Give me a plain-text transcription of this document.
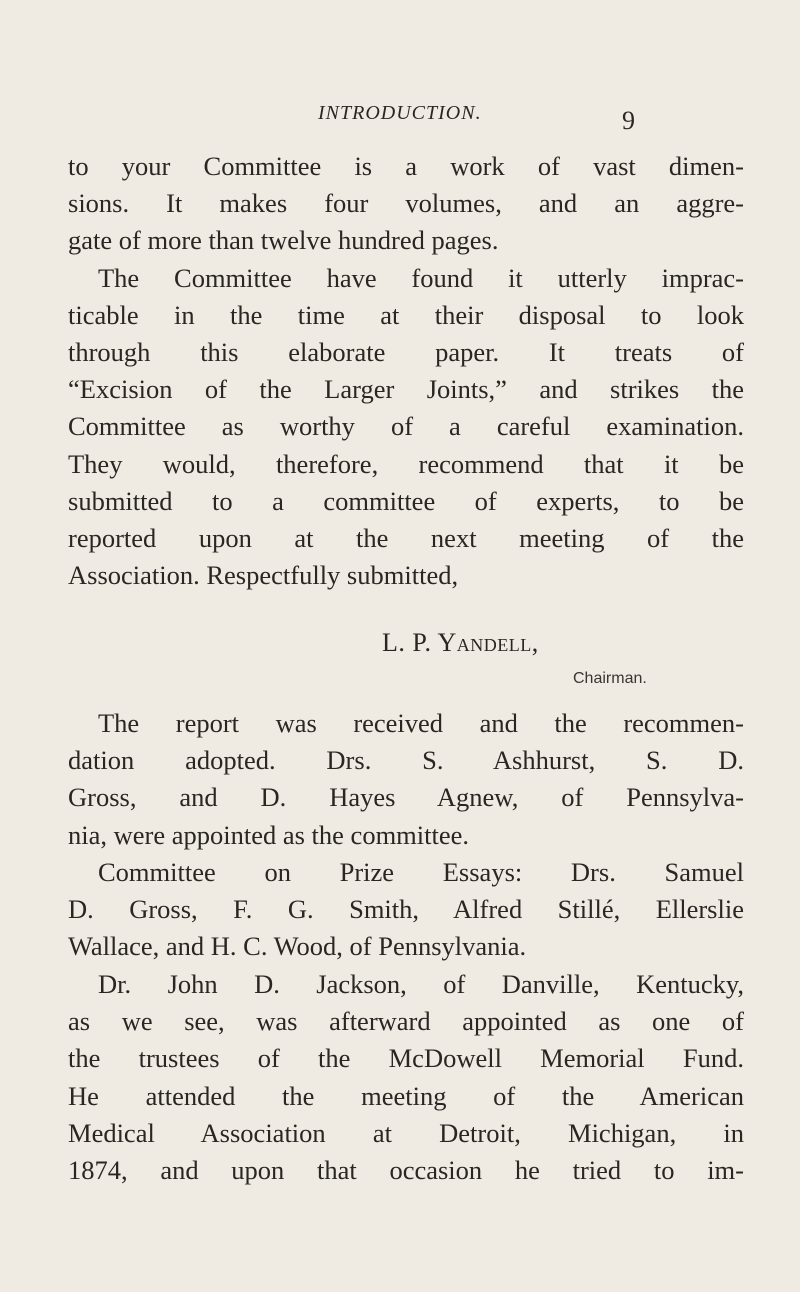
INTRODUCTION.	9
to your Committee is a work of vast dimen-
sions. It makes four volumes, and an aggre-
gate of more than twelve hundred pages.
The Committee have found it utterly imprac-
ticable in the time at their disposal to look
through this elaborate paper. It treats of
“Excision of the Larger Joints,” and strikes the
Committee as worthy of a careful examination.
They would, therefore, recommend that it be
submitted to a committee of experts, to be
reported upon at the next meeting of the
Association. Respectfully submitted,
L. P. Yandell,
Chairman.
The report was received and the recommen-
dation adopted. Drs. S. Ashhurst, S. D.
Gross, and D. Hayes Agnew, of Pennsylva-
nia, were appointed as the committee.
Committee on Prize Essays: Drs. Samuel
D. Gross, F. G. Smith, Alfred Stillé, Ellerslie
Wallace, and H. C. Wood, of Pennsylvania.
Dr. John D. Jackson, of Danville, Kentucky,
as we see, was afterward appointed as one of
the trustees of the McDowell Memorial Fund.
He attended the meeting of the American
Medical Association at Detroit, Michigan, in
1874, and upon that occasion he tried to im-
